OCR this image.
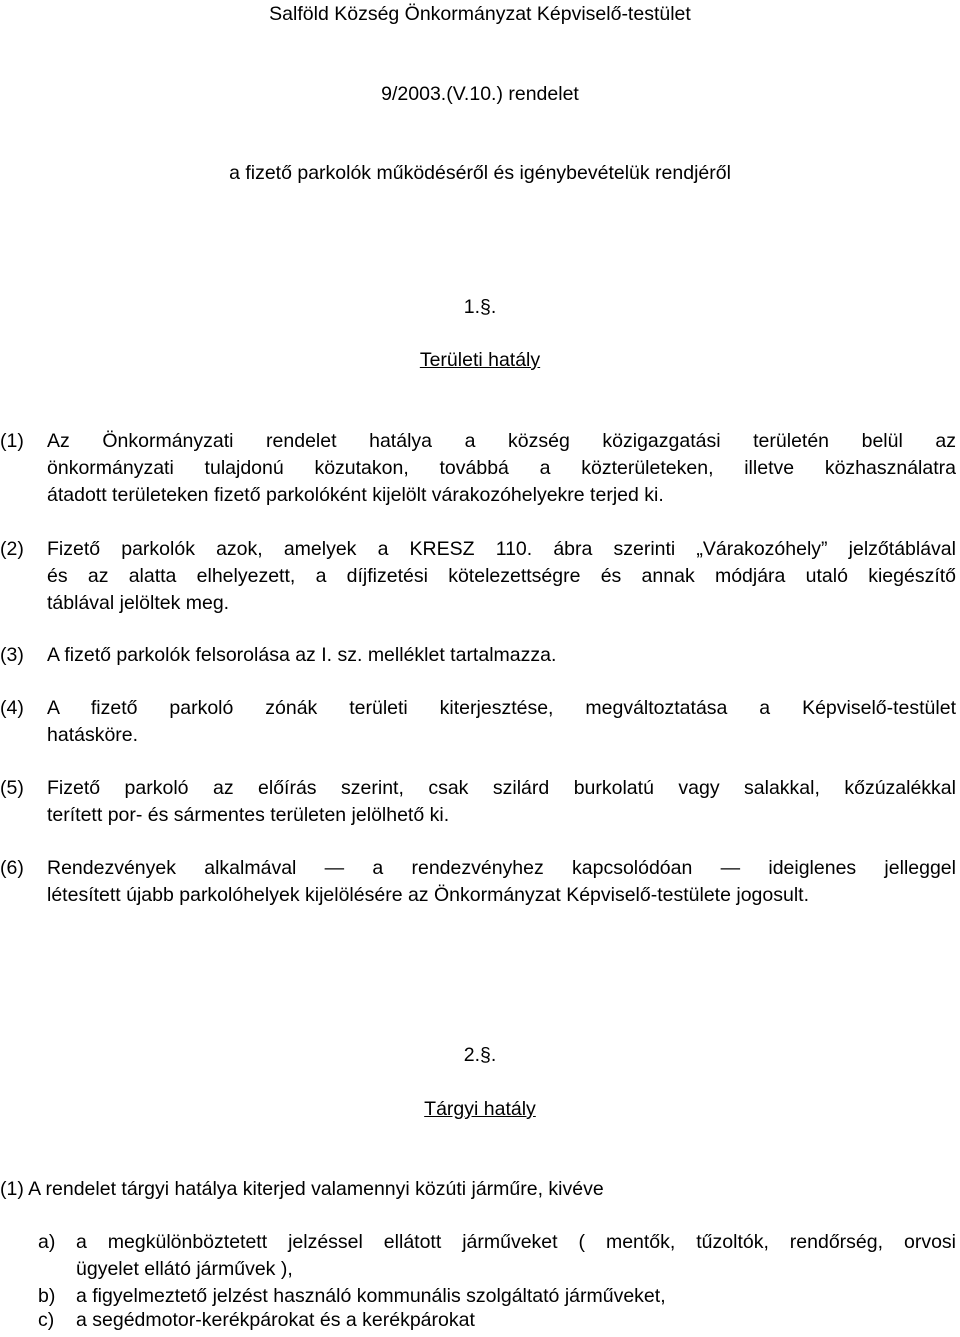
Salföld Község Önkormányzat Képviselő-testület
9/2003.(V.10.) rendelet
a fizető parkolók működéséről és igénybevételük rendjéről
1.§.
Területi hatály
(1) Az Önkormányzati rendelet hatálya a község közigazgatási területén belül az
önkormányzati tulajdonú közutakon, továbbá a közterületeken, illetve közhasználatra
átadott területeken fizető parkolóként kijelölt várakozóhelyekre terjed ki.
(2) Fizető parkolók azok, amelyek a KRESZ 110. ábra szerinti „Várakozóhely” jelzőtáblával
és az alatta elhelyezett, a díjfizetési kötelezettségre és annak módjára utaló kiegészítő
táblával jelöltek meg.
(3) A fizető parkolók felsorolása az I. sz. melléklet tartalmazza.
(4) A fizető parkoló zónák területi kiterjesztése, megváltoztatása a Képviselő-testület
hatásköre.
(5) Fizető parkoló az előírás szerint, csak szilárd burkolatú vagy salakkal, kőzúzalékkal
terített por- és sármentes területen jelölhető ki.
(6) Rendezvények alkalmával — a rendezvényhez kapcsolódóan — ideiglenes jelleggel
létesített újabb parkolóhelyek kijelölésére az Önkormányzat Képviselő-testülete jogosult.
2.§.
Tárgyi hatály
(1) A rendelet tárgyi hatálya kiterjed valamennyi közúti járműre, kivéve
a) a megkülönböztetett jelzéssel ellátott járműveket ( mentők, tűzoltók, rendőrség, orvosi
ügyelet ellátó járművek ),
b) a figyelmeztető jelzést használó kommunális szolgáltató járműveket,
c) a segédmotor-kerékpárokat és a kerékpárokat
